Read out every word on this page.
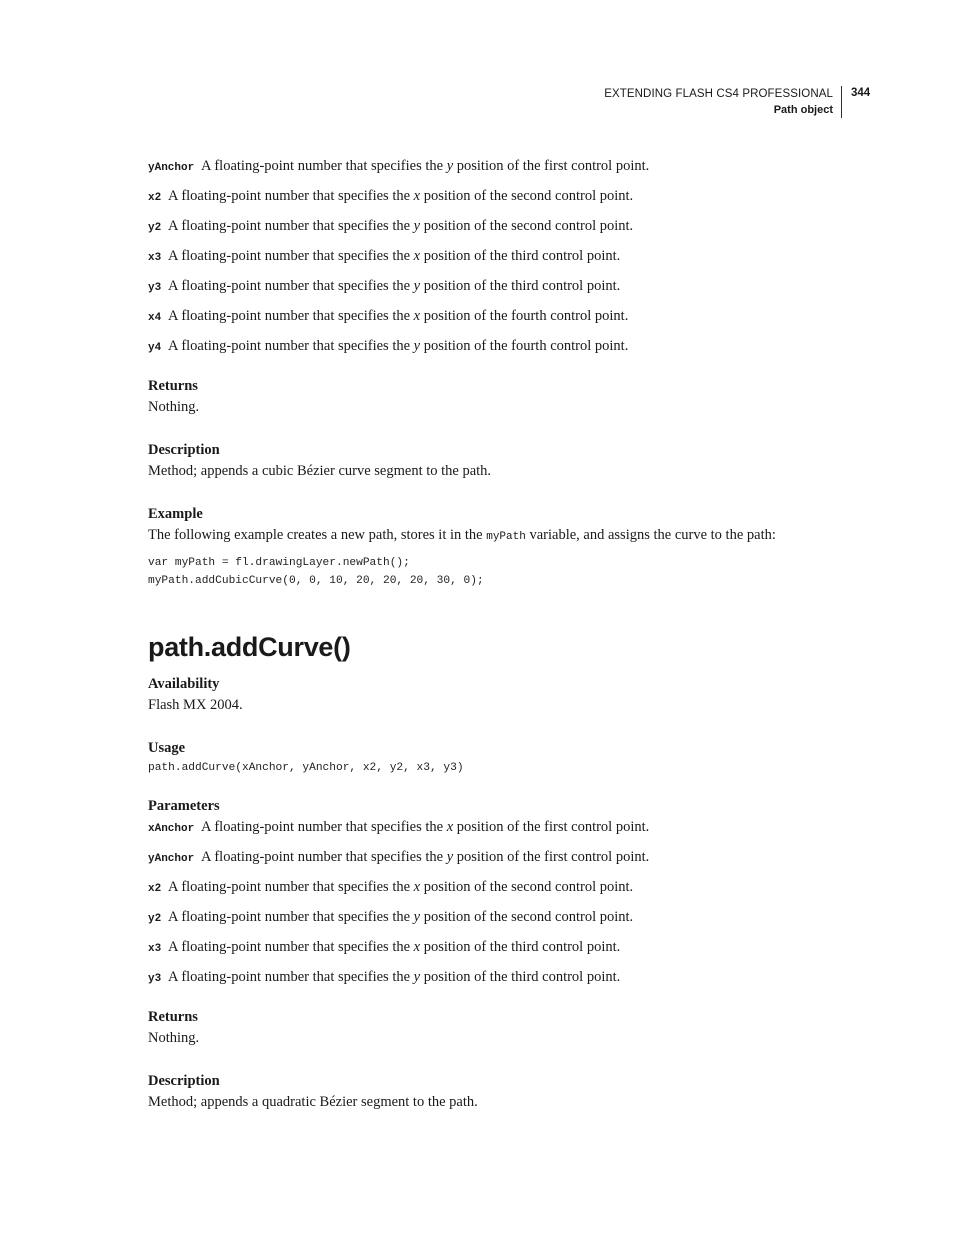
EXTENDING FLASH CS4 PROFESSIONAL
Path object
344
yAnchor A floating-point number that specifies the y position of the first control point.
x2 A floating-point number that specifies the x position of the second control point.
y2 A floating-point number that specifies the y position of the second control point.
x3 A floating-point number that specifies the x position of the third control point.
y3 A floating-point number that specifies the y position of the third control point.
x4 A floating-point number that specifies the x position of the fourth control point.
y4 A floating-point number that specifies the y position of the fourth control point.
Returns
Nothing.
Description
Method; appends a cubic Bézier curve segment to the path.
Example
The following example creates a new path, stores it in the myPath variable, and assigns the curve to the path:
var myPath = fl.drawingLayer.newPath();
myPath.addCubicCurve(0, 0, 10, 20, 20, 20, 30, 0);
path.addCurve()
Availability
Flash MX 2004.
Usage
path.addCurve(xAnchor, yAnchor, x2, y2, x3, y3)
Parameters
xAnchor A floating-point number that specifies the x position of the first control point.
yAnchor A floating-point number that specifies the y position of the first control point.
x2 A floating-point number that specifies the x position of the second control point.
y2 A floating-point number that specifies the y position of the second control point.
x3 A floating-point number that specifies the x position of the third control point.
y3 A floating-point number that specifies the y position of the third control point.
Returns
Nothing.
Description
Method; appends a quadratic Bézier segment to the path.
